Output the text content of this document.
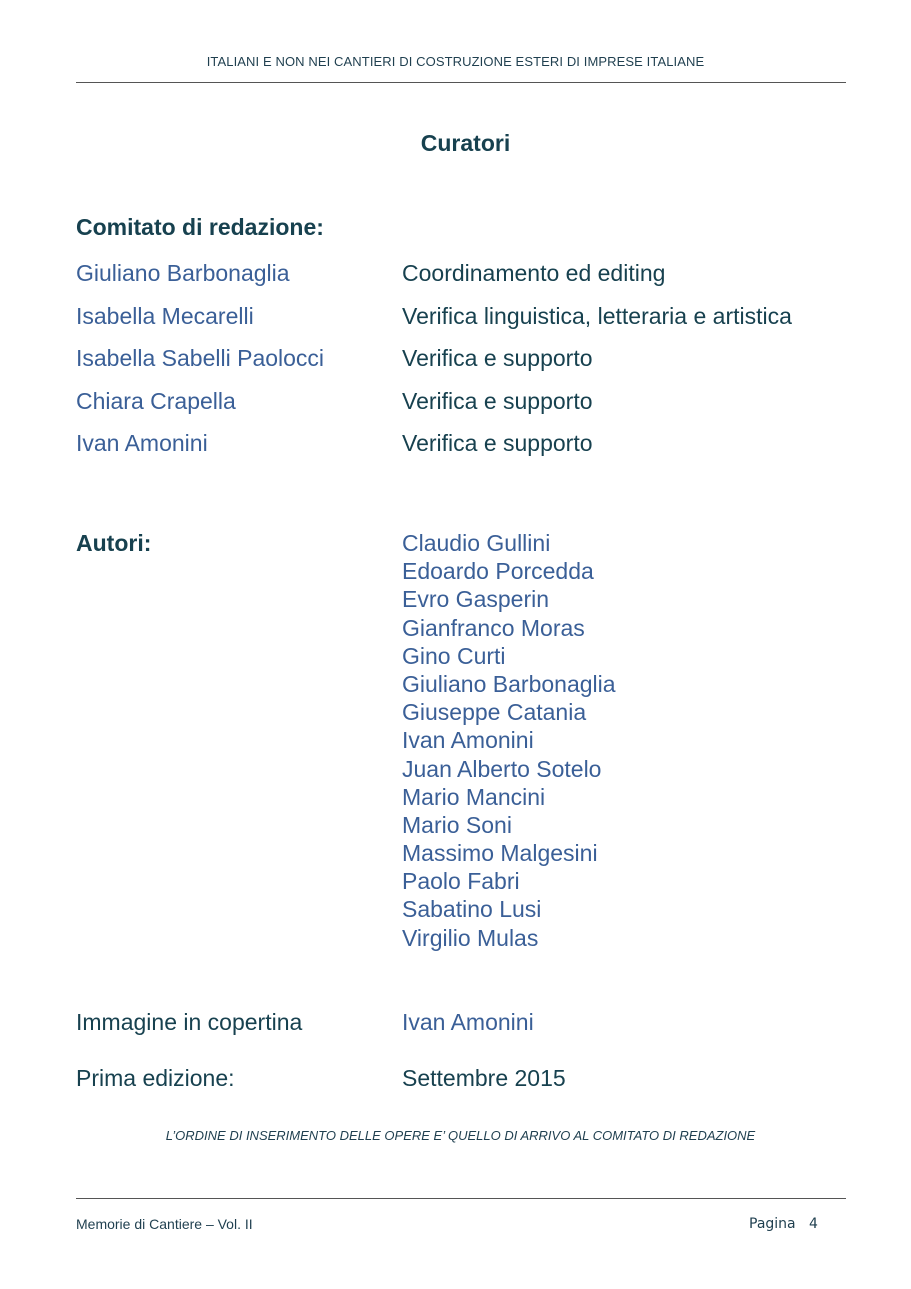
ITALIANI E NON NEI CANTIERI DI COSTRUZIONE ESTERI DI IMPRESE ITALIANE
Curatori
Comitato di redazione:
Giuliano Barbonaglia	Coordinamento ed editing
Isabella Mecarelli	Verifica linguistica, letteraria e artistica
Isabella Sabelli Paolocci	Verifica e supporto
Chiara Crapella	Verifica e supporto
Ivan Amonini	Verifica e supporto
Autori:	Claudio Gullini
Edoardo Porcedda
Evro Gasperin
Gianfranco Moras
Gino Curti
Giuliano Barbonaglia
Giuseppe Catania
Ivan Amonini
Juan Alberto Sotelo
Mario Mancini
Mario Soni
Massimo Malgesini
Paolo Fabri
Sabatino Lusi
Virgilio Mulas
Immagine in copertina	Ivan Amonini
Prima edizione:	Settembre 2015
L’ORDINE DI INSERIMENTO DELLE OPERE E’ QUELLO DI ARRIVO AL COMITATO DI REDAZIONE
Memorie di Cantiere – Vol. II	Pagina 4
